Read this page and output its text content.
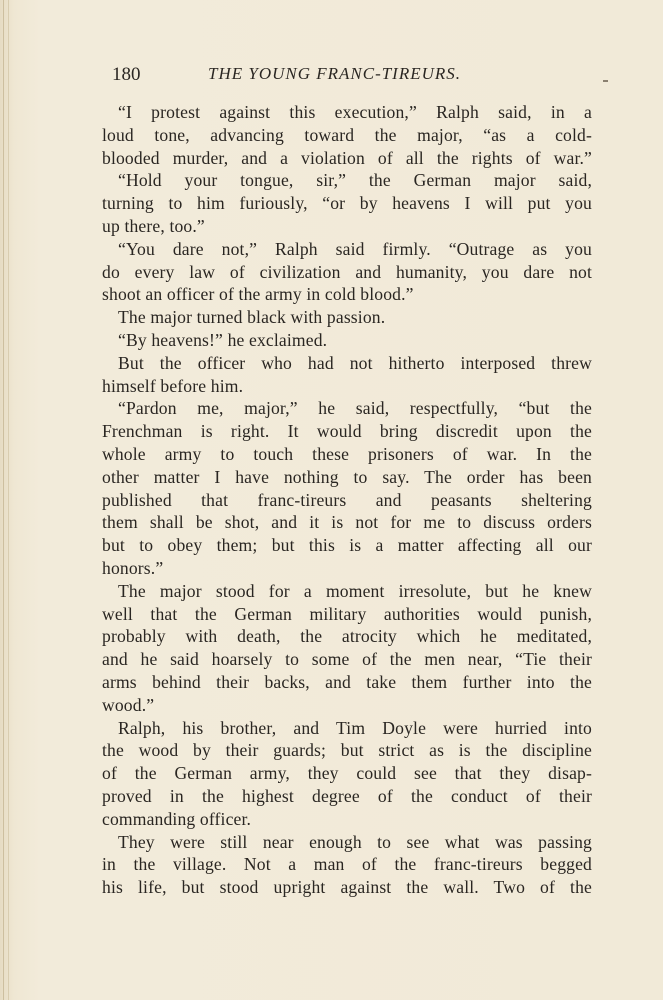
180	THE YOUNG FRANC-TIREURS.
“I protest against this execution,” Ralph said, in a
loud tone, advancing toward the major, “as a cold-
blooded murder, and a violation of all the rights of war.”
“Hold your tongue, sir,” the German major said,
turning to him furiously, “or by heavens I will put you
up there, too.”
“You dare not,” Ralph said firmly. “Outrage as you
do every law of civilization and humanity, you dare not
shoot an officer of the army in cold blood.”
The major turned black with passion.
“By heavens!” he exclaimed.
But the officer who had not hitherto interposed threw
himself before him.
“Pardon me, major,” he said, respectfully, “but the
Frenchman is right. It would bring discredit upon the
whole army to touch these prisoners of war. In the
other matter I have nothing to say. The order has been
published that franc-tireurs and peasants sheltering
them shall be shot, and it is not for me to discuss orders
but to obey them; but this is a matter affecting all our
honors.”
The major stood for a moment irresolute, but he knew
well that the German military authorities would punish,
probably with death, the atrocity which he meditated,
and he said hoarsely to some of the men near, “Tie their
arms behind their backs, and take them further into the
wood.”
Ralph, his brother, and Tim Doyle were hurried into
the wood by their guards; but strict as is the discipline
of the German army, they could see that they disap-
proved in the highest degree of the conduct of their
commanding officer.
They were still near enough to see what was passing
in the village. Not a man of the franc-tireurs begged
his life, but stood upright against the wall. Two of the
